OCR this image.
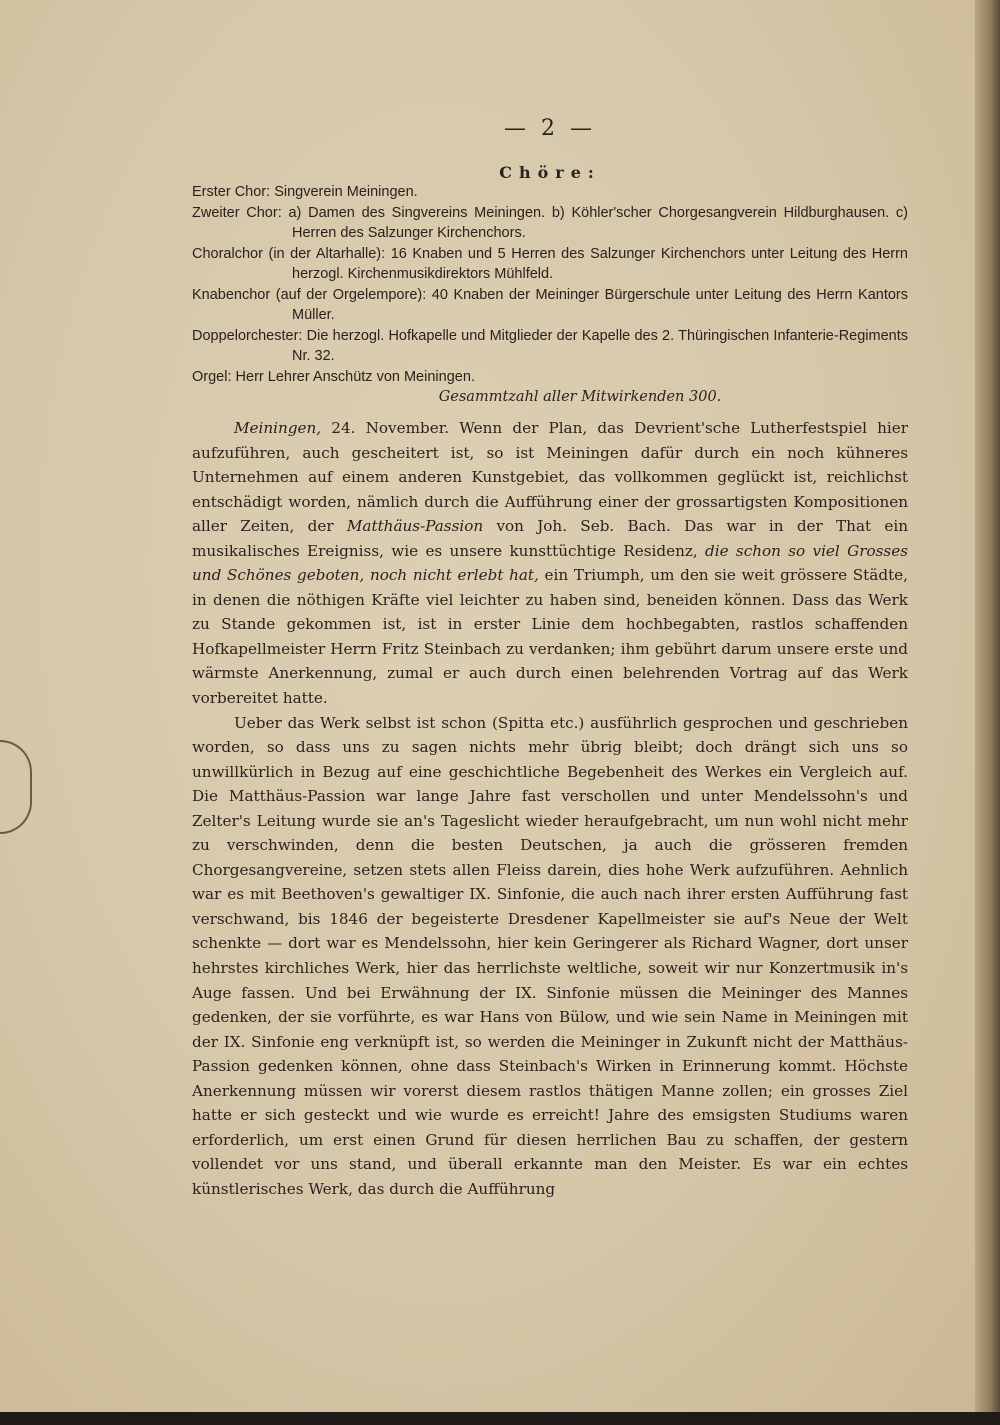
— 2 —
Chöre:
Erster Chor: Singverein Meiningen.
Zweiter Chor: a) Damen des Singvereins Meiningen. b) Köhler'scher Chorgesangverein Hildburghausen. c) Herren des Salzunger Kirchenchors.
Choralchor (in der Altarhalle): 16 Knaben und 5 Herren des Salzunger Kirchenchors unter Leitung des Herrn herzogl. Kirchenmusikdirektors Mühlfeld.
Knabenchor (auf der Orgelempore): 40 Knaben der Meininger Bürgerschule unter Leitung des Herrn Kantors Müller.
Doppelorchester: Die herzogl. Hofkapelle und Mitglieder der Kapelle des 2. Thüringischen Infanterie-Regiments Nr. 32.
Orgel: Herr Lehrer Anschütz von Meiningen.
Gesammtzahl aller Mitwirkenden 300.

Meiningen, 24. November. Wenn der Plan, das Devrient'sche Lutherfestspiel hier aufzuführen, auch gescheitert ist, so ist Meiningen dafür durch ein noch kühneres Unternehmen auf einem anderen Kunstgebiet, das vollkommen geglückt ist, reichlichst entschädigt worden, nämlich durch die Aufführung einer der grossartigsten Kompositionen aller Zeiten, der Matthäus-Passion von Joh. Seb. Bach. Das war in der That ein musikalisches Ereigniss, wie es unsere kunsttüchtige Residenz, die schon so viel Grosses und Schönes geboten, noch nicht erlebt hat, ein Triumph, um den sie weit grössere Städte, in denen die nöthigen Kräfte viel leichter zu haben sind, beneiden können. Dass das Werk zu Stande gekommen ist, ist in erster Linie dem hochbegabten, rastlos schaffenden Hofkapellmeister Herrn Fritz Steinbach zu verdanken; ihm gebührt darum unsere erste und wärmste Anerkennung, zumal er auch durch einen belehrenden Vortrag auf das Werk vorbereitet hatte.

Ueber das Werk selbst ist schon (Spitta etc.) ausführlich gesprochen und geschrieben worden, so dass uns zu sagen nichts mehr übrig bleibt; doch drängt sich uns so unwillkürlich in Bezug auf eine geschichtliche Begebenheit des Werkes ein Vergleich auf. Die Matthäus-Passion war lange Jahre fast verschollen und unter Mendelssohn's und Zelter's Leitung wurde sie an's Tageslicht wieder heraufgebracht, um nun wohl nicht mehr zu verschwinden, denn die besten Deutschen, ja auch die grösseren fremden Chorgesangvereine, setzen stets allen Fleiss darein, dies hohe Werk aufzuführen. Aehnlich war es mit Beethoven's gewaltiger IX. Sinfonie, die auch nach ihrer ersten Aufführung fast verschwand, bis 1846 der begeisterte Dresdener Kapellmeister sie auf's Neue der Welt schenkte — dort war es Mendelssohn, hier kein Geringerer als Richard Wagner, dort unser hehrstes kirchliches Werk, hier das herrlichste weltliche, soweit wir nur Konzertmusik in's Auge fassen. Und bei Erwähnung der IX. Sinfonie müssen die Meininger des Mannes gedenken, der sie vorführte, es war Hans von Bülow, und wie sein Name in Meiningen mit der IX. Sinfonie eng verknüpft ist, so werden die Meininger in Zukunft nicht der Matthäus-Passion gedenken können, ohne dass Steinbach's Wirken in Erinnerung kommt. Höchste Anerkennung müssen wir vorerst diesem rastlos thätigen Manne zollen; ein grosses Ziel hatte er sich gesteckt und wie wurde es erreicht! Jahre des emsigsten Studiums waren erforderlich, um erst einen Grund für diesen herrlichen Bau zu schaffen, der gestern vollendet vor uns stand, und überall erkannte man den Meister. Es war ein echtes künstlerisches Werk, das durch die Aufführung
